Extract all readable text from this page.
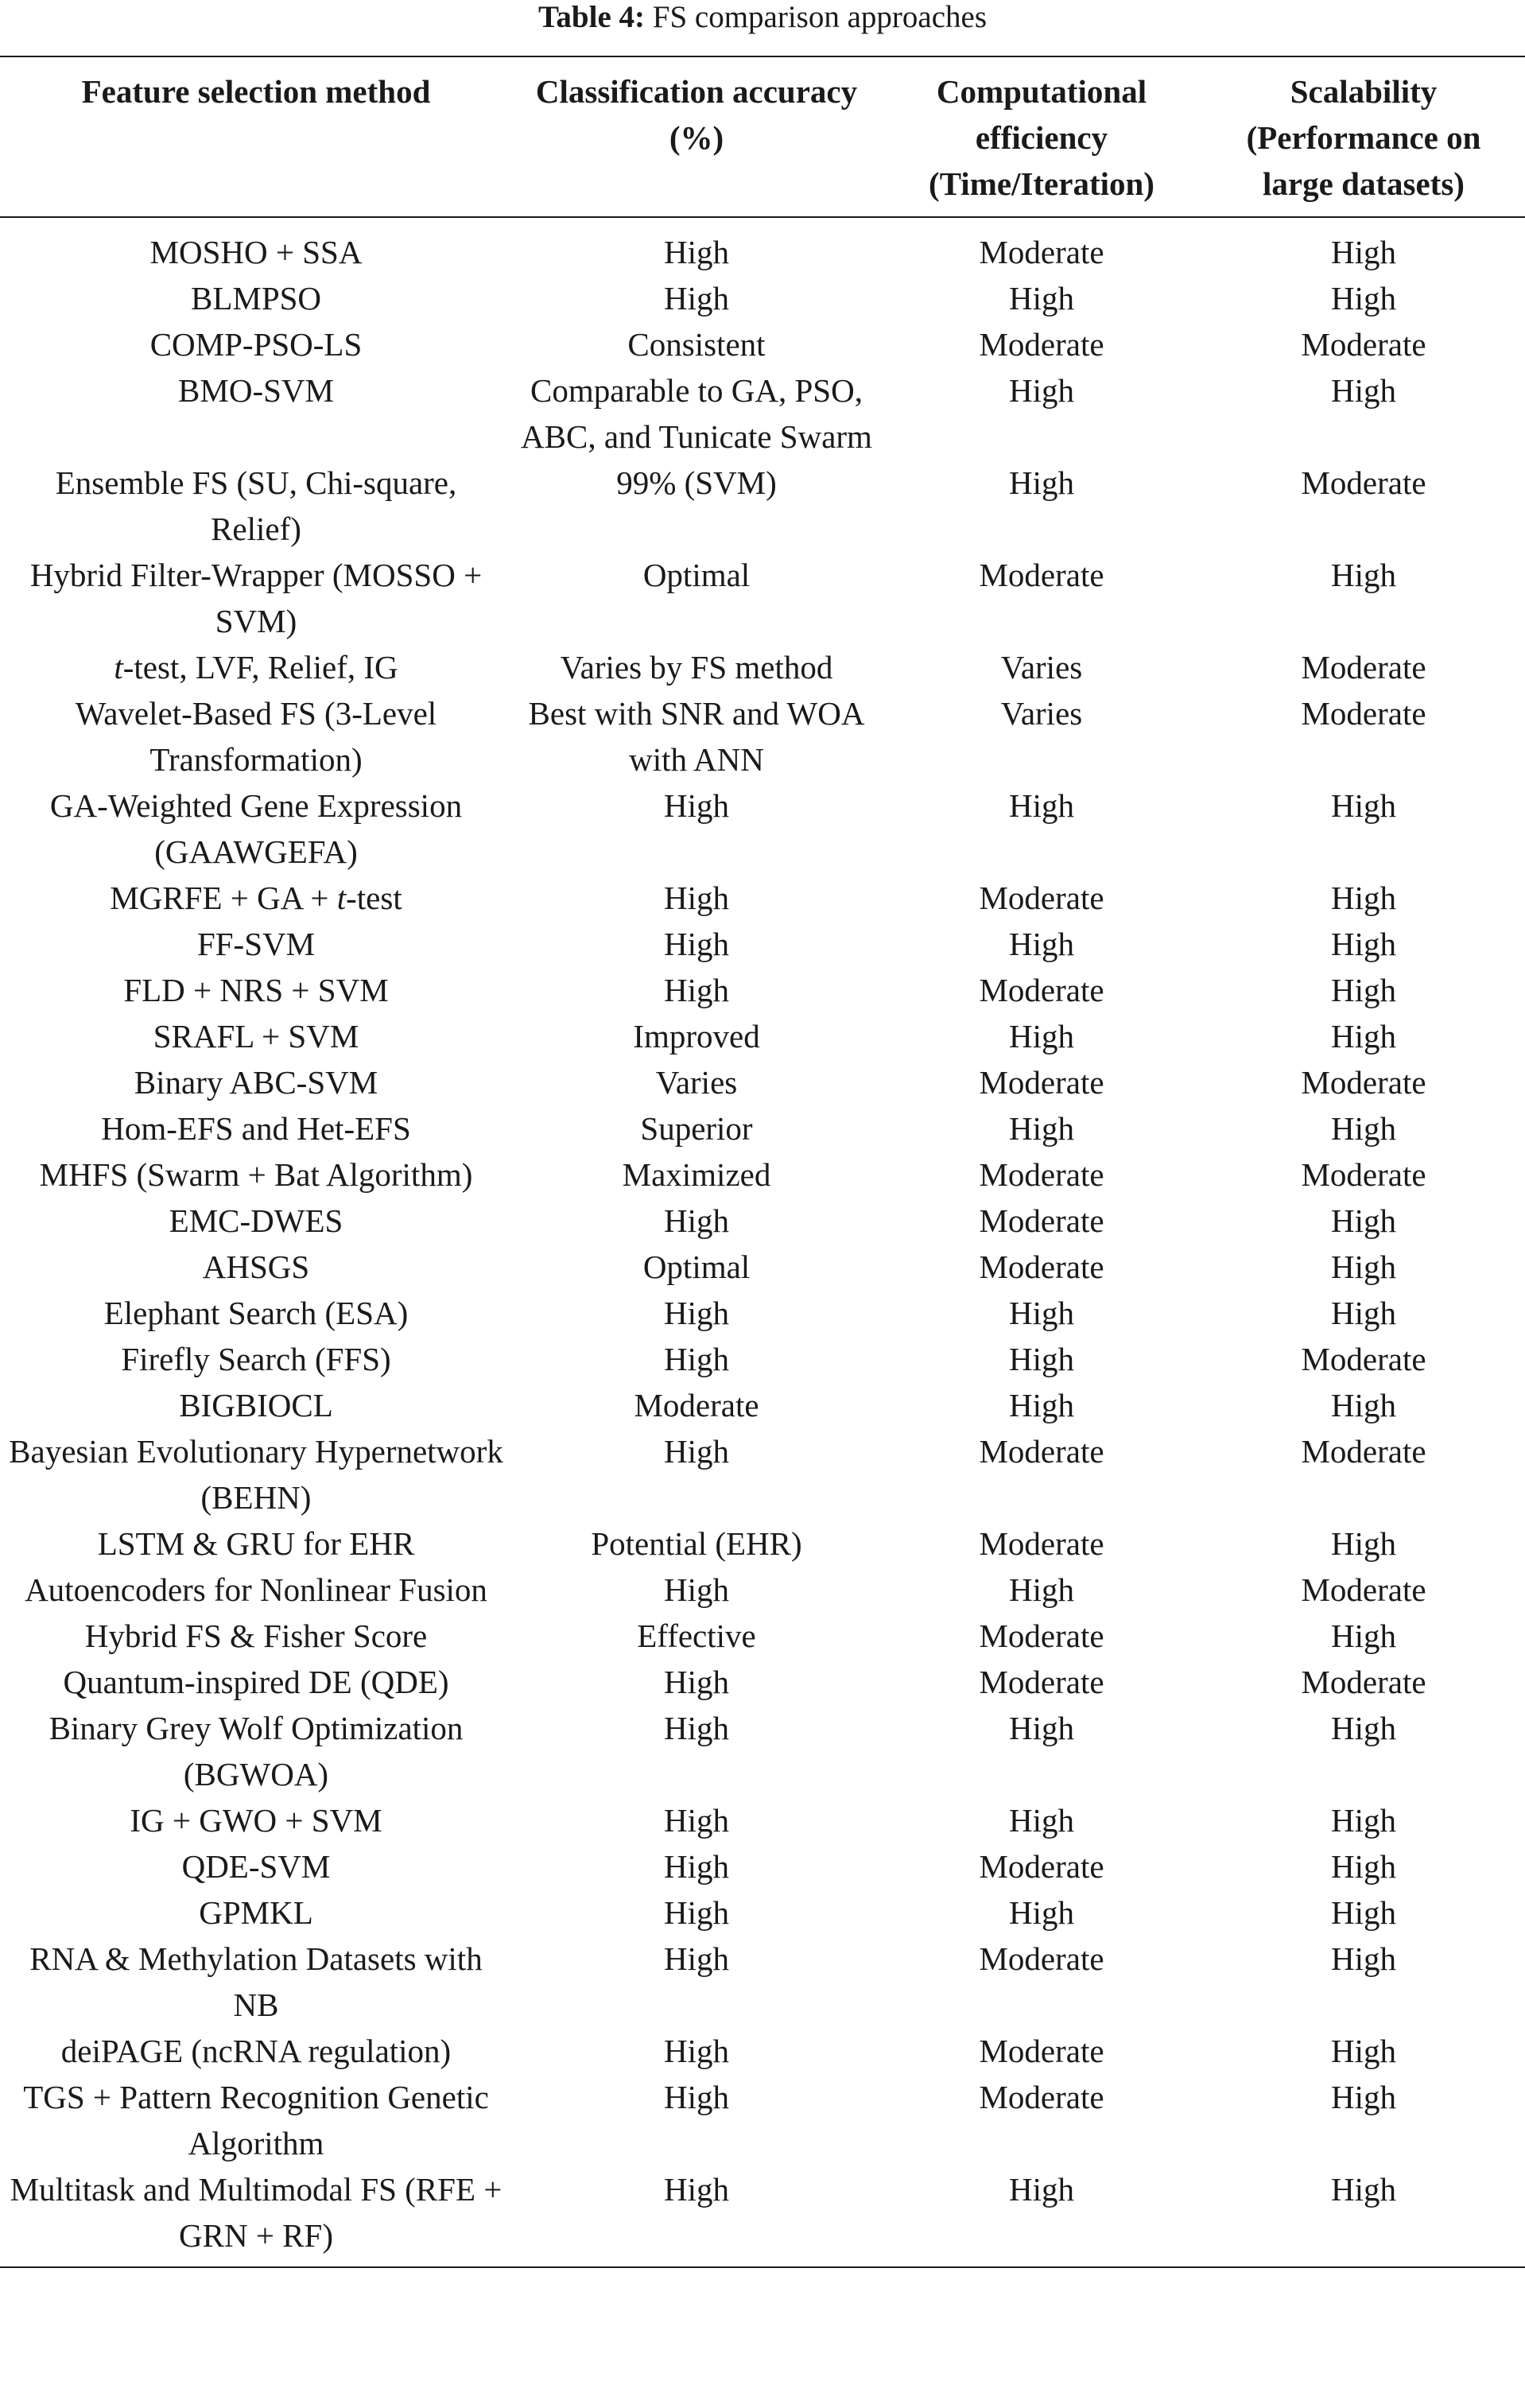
Table 4: FS comparison approaches
Feature selection method	Classification accuracy (%)	Computational efficiency (Time/Iteration)	Scalability (Performance on large datasets)
MOSHO + SSA	High	Moderate	High
BLMPSO	High	High	High
COMP-PSO-LS	Consistent	Moderate	Moderate
BMO-SVM	Comparable to GA, PSO, ABC, and Tunicate Swarm	High	High
Ensemble FS (SU, Chi-square, Relief)	99% (SVM)	High	Moderate
Hybrid Filter-Wrapper (MOSSO + SVM)	Optimal	Moderate	High
t-test, LVF, Relief, IG	Varies by FS method	Varies	Moderate
Wavelet-Based FS (3-Level Transformation)	Best with SNR and WOA with ANN	Varies	Moderate
GA-Weighted Gene Expression (GAAWGEFA)	High	High	High
MGRFE + GA + t-test	High	Moderate	High
FF-SVM	High	High	High
FLD + NRS + SVM	High	Moderate	High
SRAFL + SVM	Improved	High	High
Binary ABC-SVM	Varies	Moderate	Moderate
Hom-EFS and Het-EFS	Superior	High	High
MHFS (Swarm + Bat Algorithm)	Maximized	Moderate	Moderate
EMC-DWES	High	Moderate	High
AHSGS	Optimal	Moderate	High
Elephant Search (ESA)	High	High	High
Firefly Search (FFS)	High	High	Moderate
BIGBIOCL	Moderate	High	High
Bayesian Evolutionary Hypernetwork (BEHN)	High	Moderate	Moderate
LSTM & GRU for EHR	Potential (EHR)	Moderate	High
Autoencoders for Nonlinear Fusion	High	High	Moderate
Hybrid FS & Fisher Score	Effective	Moderate	High
Quantum-inspired DE (QDE)	High	Moderate	Moderate
Binary Grey Wolf Optimization (BGWOA)	High	High	High
IG + GWO + SVM	High	High	High
QDE-SVM	High	Moderate	High
GPMKL	High	High	High
RNA & Methylation Datasets with NB	High	Moderate	High
deiPAGE (ncRNA regulation)	High	Moderate	High
TGS + Pattern Recognition Genetic Algorithm	High	Moderate	High
Multitask and Multimodal FS (RFE + GRN + RF)	High	High	High
